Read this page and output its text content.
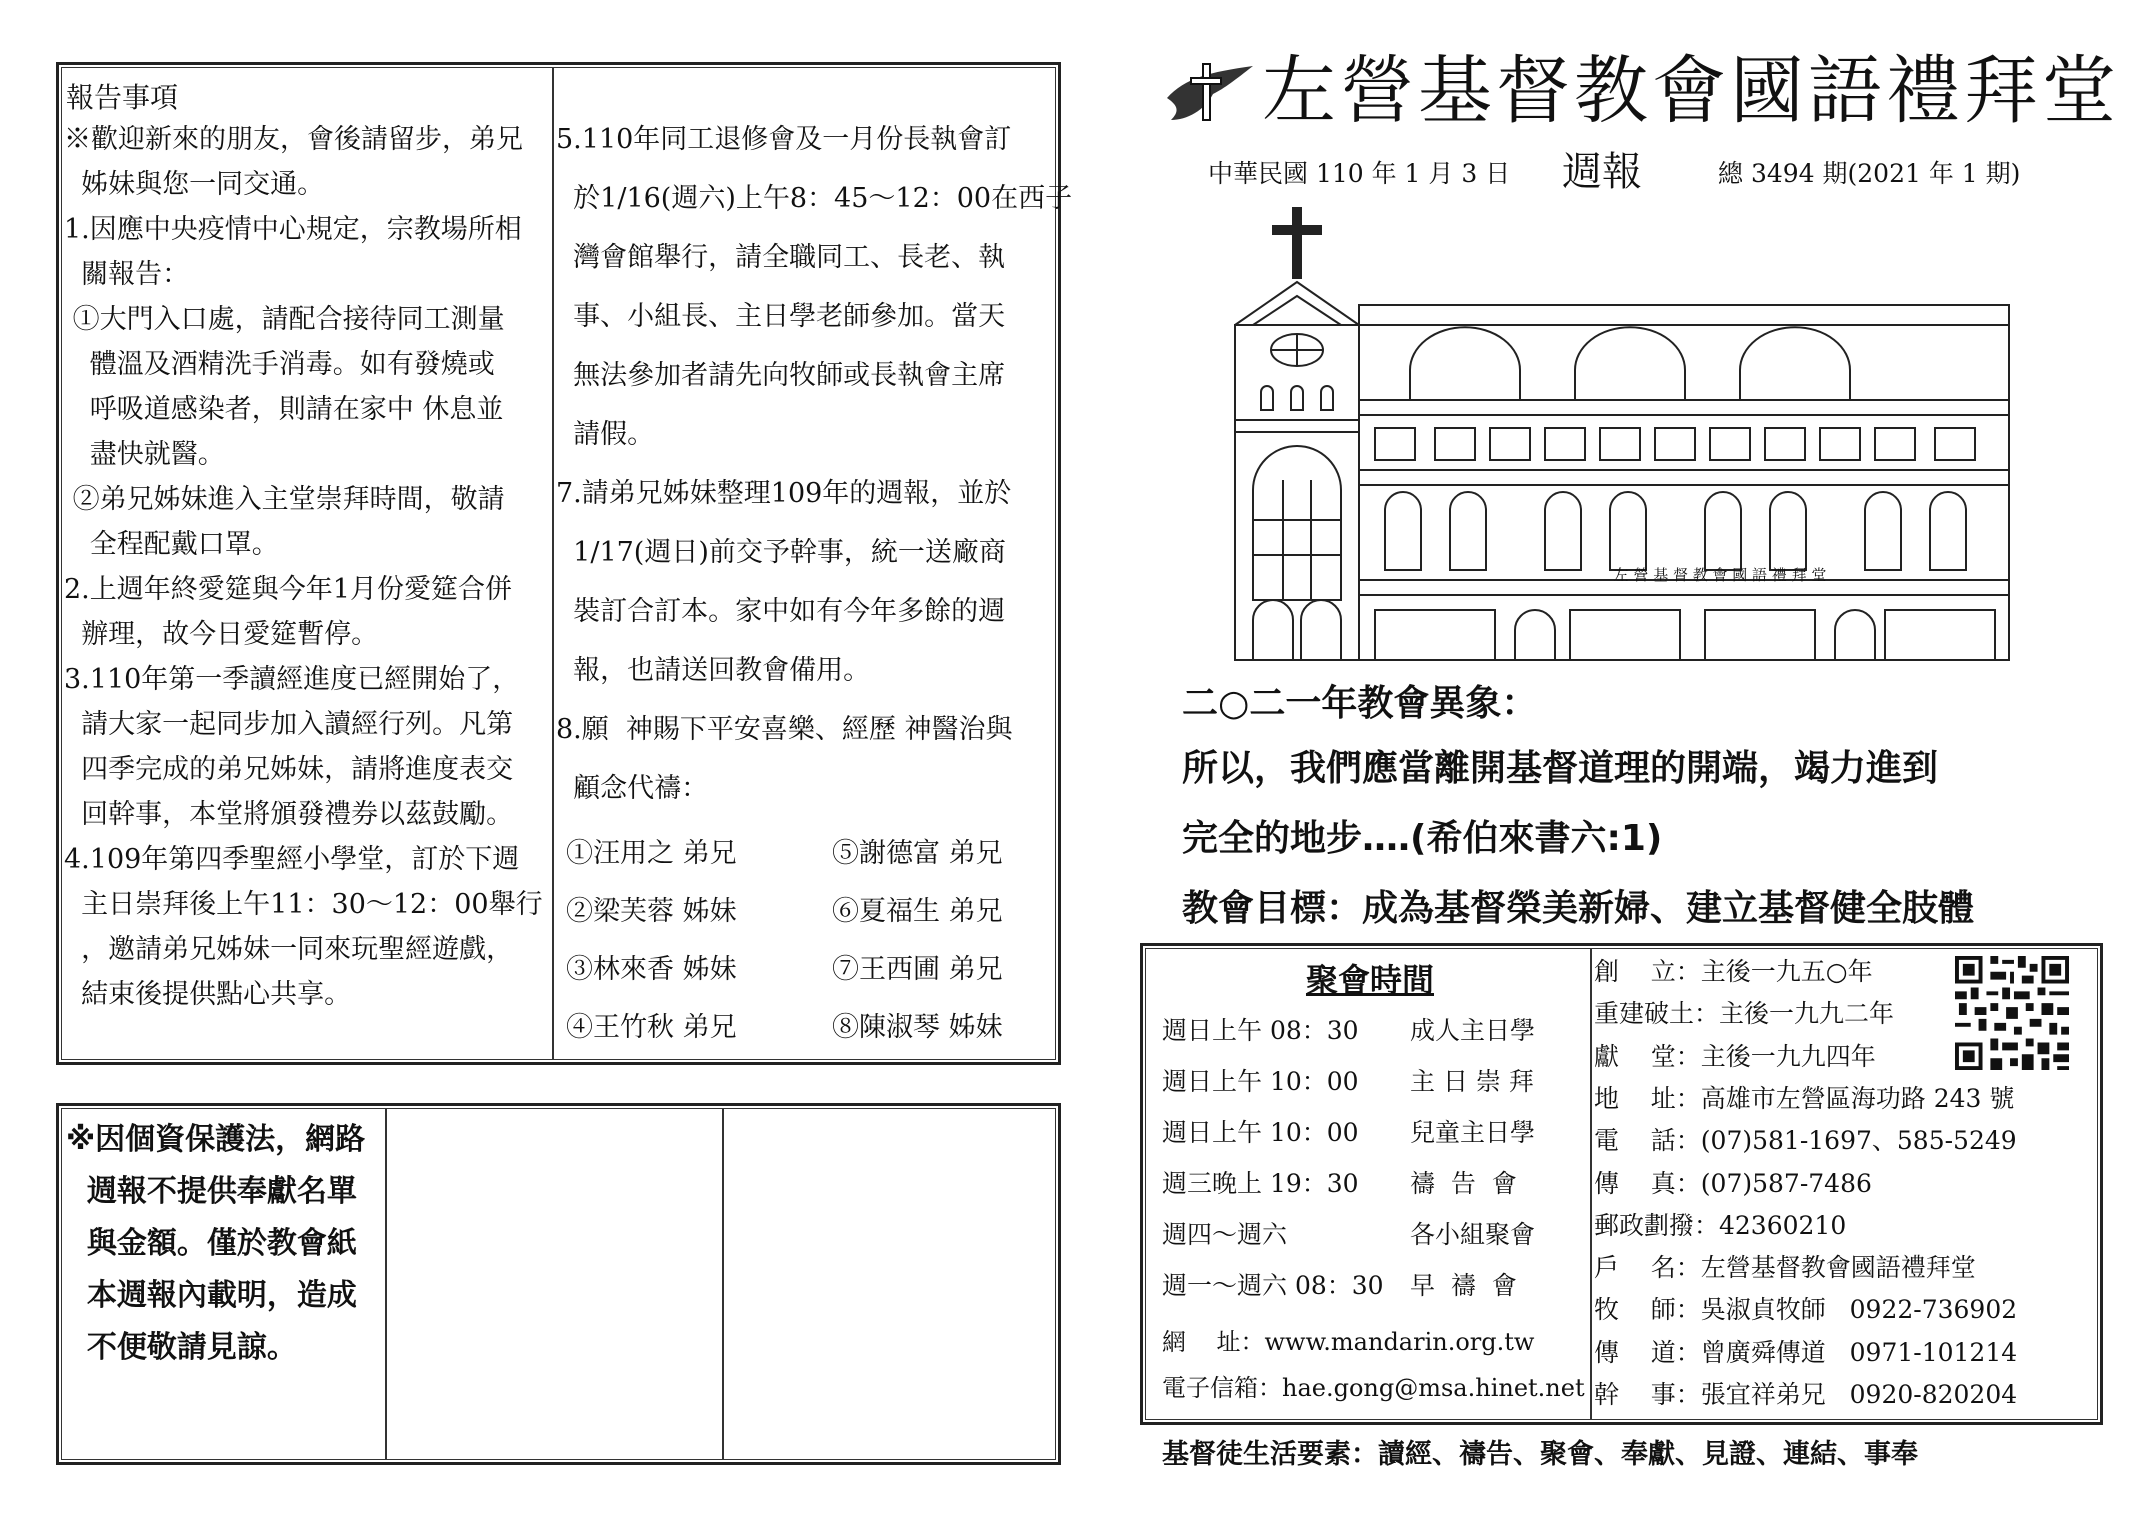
報告事項
※歡迎新來的朋友，會後請留步，弟兄
姊妹與您一同交通。
1.因應中央疫情中心規定，宗教場所相
關報告：
①大門入口處，請配合接待同工測量
體溫及酒精洗手消毒。如有發燒或
呼吸道感染者，則請在家中 休息並
盡快就醫。
②弟兄姊妹進入主堂崇拜時間，敬請
全程配戴口罩。
2.上週年終愛筵與今年1月份愛筵合併
辦理，故今日愛筵暫停。
3.110年第一季讀經進度已經開始了，
請大家一起同步加入讀經行列。凡第
四季完成的弟兄姊妹，請將進度表交
回幹事，本堂將頒發禮券以茲鼓勵。
4.109年第四季聖經小學堂，訂於下週
主日崇拜後上午11：30～12：00舉行
，邀請弟兄姊妹一同來玩聖經遊戲，
結束後提供點心共享。
5.110年同工退修會及一月份長執會訂
於1/16(週六)上午8：45～12：00在西子
灣會館舉行，請全職同工、長老、執
事、小組長、主日學老師參加。當天
無法參加者請先向牧師或長執會主席
請假。
7.請弟兄姊妹整理109年的週報，並於
1/17(週日)前交予幹事，統一送廠商
裝訂合訂本。家中如有今年多餘的週
報，也請送回教會備用。
8.願  神賜下平安喜樂、經歷 神醫治與
顧念代禱：
①汪用之 弟兄	⑤謝德富 弟兄
②梁芙蓉 姊妹	⑥夏福生 弟兄
③林來香 姊妹	⑦王西圃 弟兄
④王竹秋 弟兄	⑧陳淑琴 姊妹
※因個資保護法，網路
週報不提供奉獻名單
與金額。僅於教會紙
本週報內載明，造成
不便敬請見諒。
左營基督教會國語禮拜堂
中華民國 110 年 1 月 3 日 週報	總 3494 期(2021 年 1 期)
左 營 基 督 教 會 國 語 禮 拜 堂
二○二一年教會異象：
所以，我們應當離開基督道理的開端，竭力進到
完全的地步‥‥(希伯來書六:1)
教會目標：成為基督榮美新婦、建立基督健全肢體
聚會時間
週日上午 08：30 成人主日學
週日上午 10：00 主 日 崇 拜
週日上午 10：00 兒童主日學
週三晚上 19：30 禱  告  會
週四～週六	各小組聚會
週一～週六 08：30 早  禱  會
網    址：www.mandarin.org.tw
電子信箱：hae.gong@msa.hinet.net
創    立：主後一九五○年
重建破土：主後一九九二年
獻    堂：主後一九九四年
地    址：高雄市左營區海功路 243 號
電    話：(07)581-1697、585-5249
傳    真：(07)587-7486
郵政劃撥：42360210
戶    名：左營基督教會國語禮拜堂
牧    師：吳淑貞牧師   0922-736902
傳    道：曾廣舜傳道   0971-101214
幹    事：張宜祥弟兄   0920-820204
基督徒生活要素：讀經、禱告、聚會、奉獻、見證、連結、事奉
